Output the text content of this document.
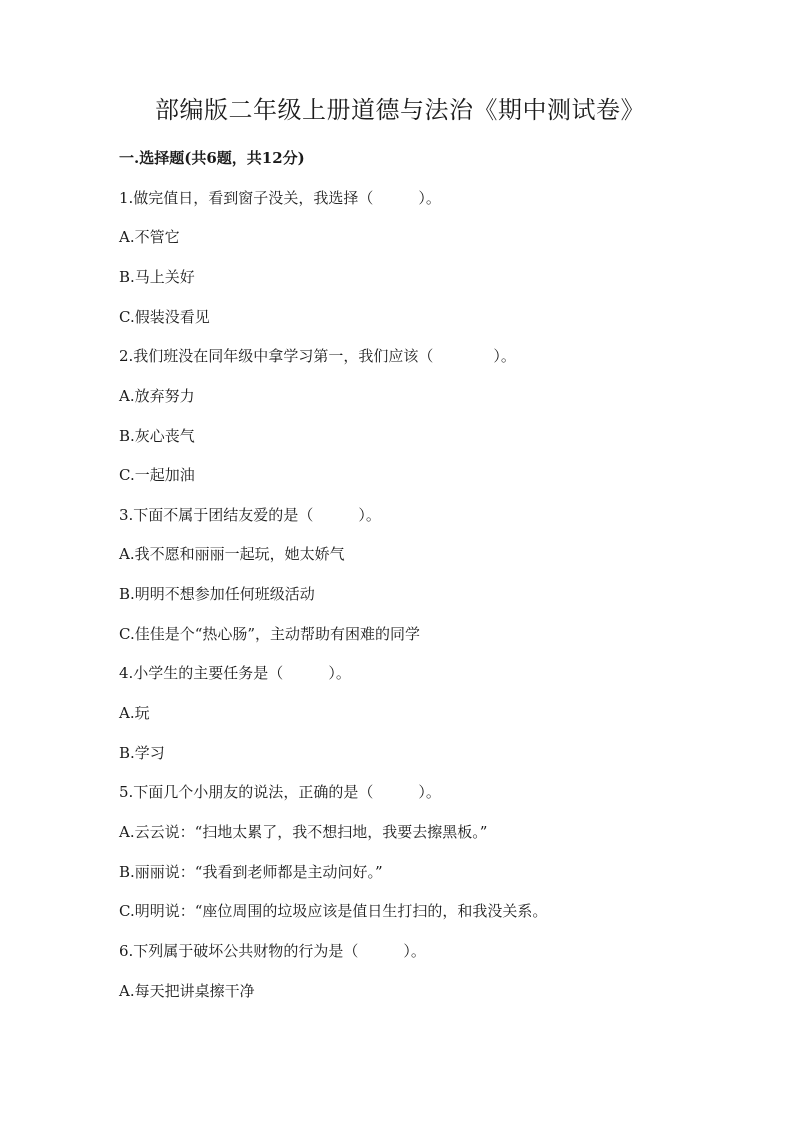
部编版二年级上册道德与法治《期中测试卷》
一.选择题(共6题，共12分)
1.做完值日，看到窗子没关，我选择（　　　）。
A.不管它
B.马上关好
C.假装没看见
2.我们班没在同年级中拿学习第一，我们应该（　　　　）。
A.放弃努力
B.灰心丧气
C.一起加油
3.下面不属于团结友爱的是（　　　）。
A.我不愿和丽丽一起玩，她太娇气
B.明明不想参加任何班级活动
C.佳佳是个“热心肠”，主动帮助有困难的同学
4.小学生的主要任务是（　　　）。
A.玩
B.学习
5.下面几个小朋友的说法，正确的是（　　　）。
A.云云说：“扫地太累了，我不想扫地，我要去擦黑板。”
B.丽丽说：“我看到老师都是主动问好。”
C.明明说：“座位周围的垃圾应该是值日生打扫的，和我没关系。
6.下列属于破坏公共财物的行为是（　　　）。
A.每天把讲桌擦干净
